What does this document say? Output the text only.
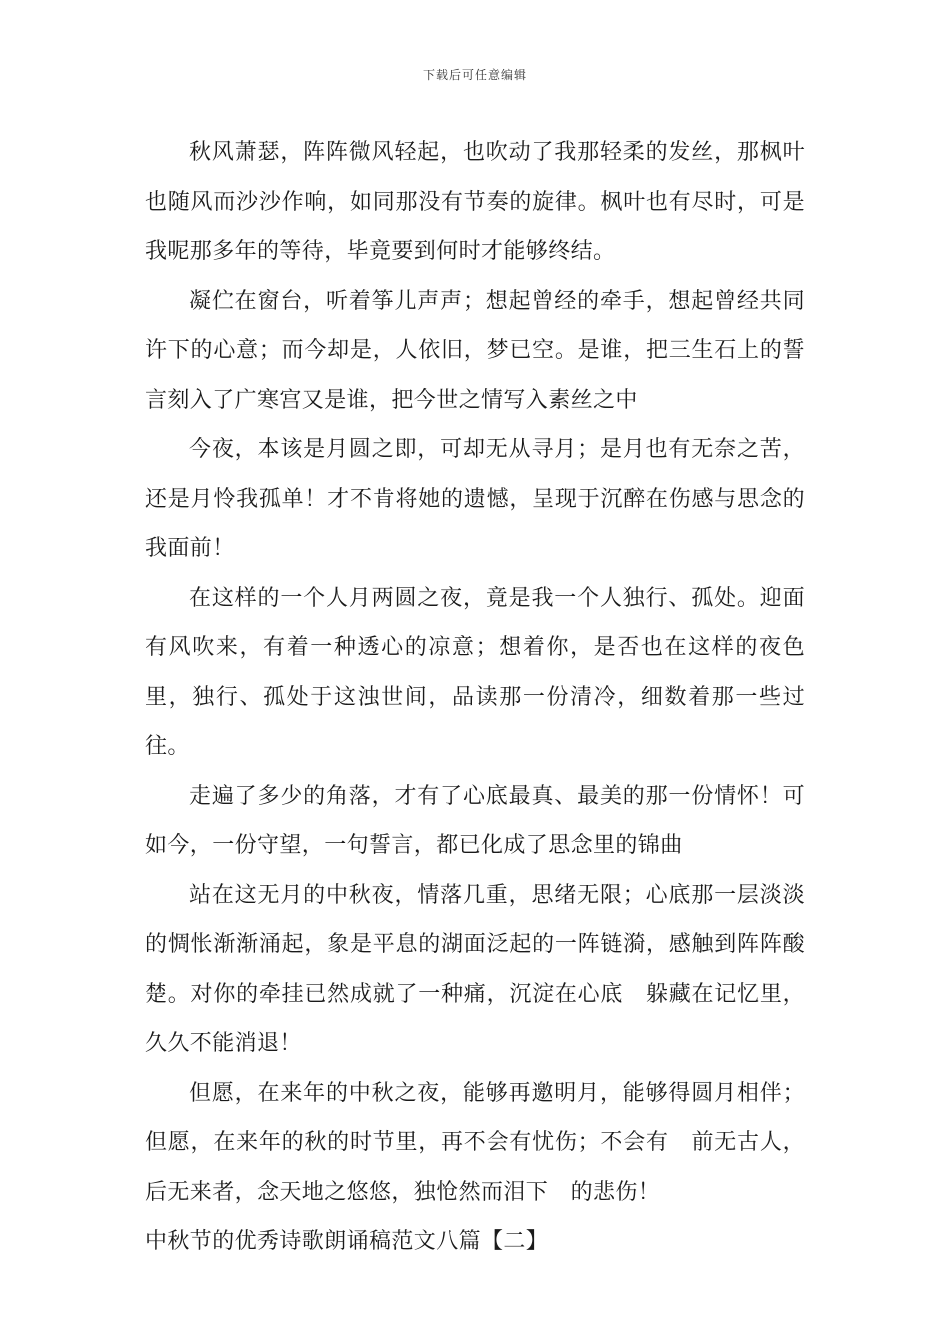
下载后可任意编辑

秋风萧瑟，阵阵微风轻起，也吹动了我那轻柔的发丝，那枫叶也随风而沙沙作响，如同那没有节奏的旋律。枫叶也有尽时，可是我呢那多年的等待，毕竟要到何时才能够终结。

凝伫在窗台，听着筝儿声声；想起曾经的牵手，想起曾经共同许下的心意；而今却是，人依旧，梦已空。是谁，把三生石上的誓言刻入了广寒宫又是谁，把今世之情写入素丝之中

今夜，本该是月圆之即，可却无从寻月；是月也有无奈之苦，还是月怜我孤单！才不肯将她的遗憾，呈现于沉醉在伤感与思念的我面前！

在这样的一个人月两圆之夜，竟是我一个人独行、孤处。迎面有风吹来，有着一种透心的凉意；想着你，是否也在这样的夜色里，独行、孤处于这浊世间，品读那一份清冷，细数着那一些过往。

走遍了多少的角落，才有了心底最真、最美的那一份情怀！可如今，一份守望，一句誓言，都已化成了思念里的锦曲

站在这无月的中秋夜，情落几重，思绪无限；心底那一层淡淡的惆怅渐渐涌起，象是平息的湖面泛起的一阵链漪，感触到阵阵酸楚。对你的牵挂已然成就了一种痛，沉淀在心底　躲藏在记忆里，久久不能消退！

但愿，在来年的中秋之夜，能够再邀明月，能够得圆月相伴；但愿，在来年的秋的时节里，再不会有忧伤；不会有　前无古人，后无来者，念天地之悠悠，独怆然而泪下　的悲伤！

中秋节的优秀诗歌朗诵稿范文八篇【二】
